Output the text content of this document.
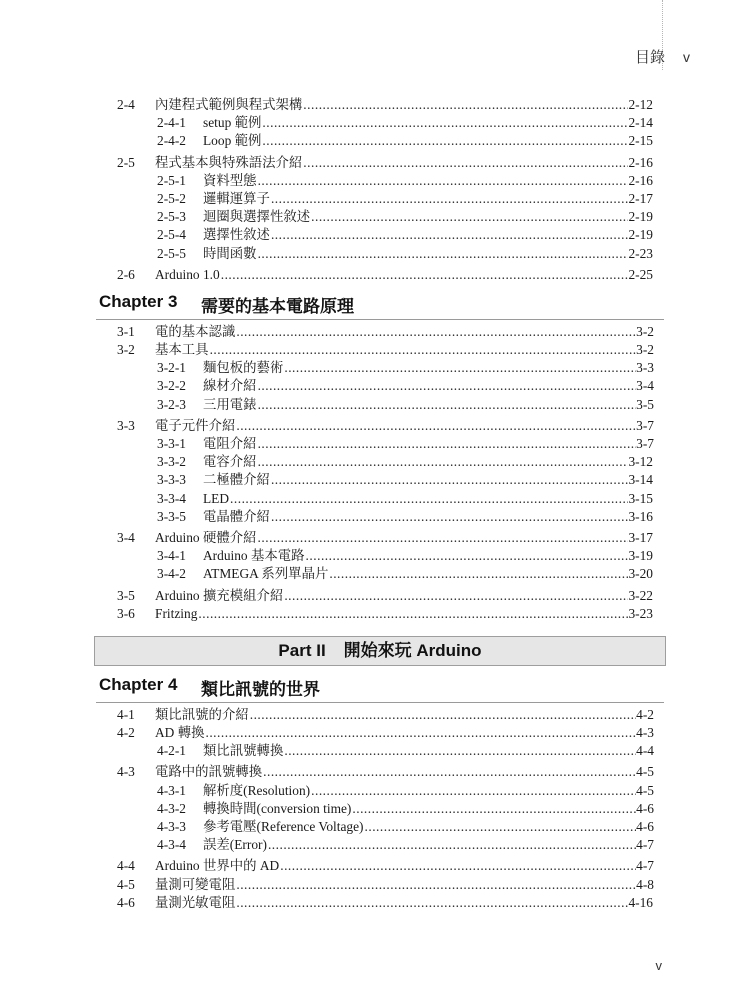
目錄 v
2-4 內建程式範例與程式架構 .....	2-12
2-4-1 setup 範例 .....	2-14
2-4-2 Loop 範例 .....	2-15
2-5 程式基本與特殊語法介紹 .....	2-16
2-5-1 資料型態 .....	2-16
2-5-2 邏輯運算子 .....	2-17
2-5-3 迴圈與選擇性敘述 .....	2-19
2-5-4 選擇性敘述 .....	2-19
2-5-5 時間函數 .....	2-23
2-6 Arduino 1.0 .....	2-25
Chapter 3 需要的基本電路原理
3-1 電的基本認識 .....	3-2
3-2 基本工具 .....	3-2
3-2-1 麵包板的藝術 .....	3-3
3-2-2 線材介紹 .....	3-4
3-2-3 三用電錶 .....	3-5
3-3 電子元件介紹 .....	3-7
3-3-1 電阻介紹 .....	3-7
3-3-2 電容介紹 .....	3-12
3-3-3 二極體介紹 .....	3-14
3-3-4 LED .....	3-15
3-3-5 電晶體介紹 .....	3-16
3-4 Arduino 硬體介紹 .....	3-17
3-4-1 Arduino 基本電路 .....	3-19
3-4-2 ATMEGA 系列單晶片 .....	3-20
3-5 Arduino 擴充模組介紹 .....	3-22
3-6 Fritzing .....	3-23
Part II 開始來玩 Arduino
Chapter 4 類比訊號的世界
4-1 類比訊號的介紹 .....	4-2
4-2 AD 轉換 .....	4-3
4-2-1 類比訊號轉換 .....	4-4
4-3 電路中的訊號轉換 .....	4-5
4-3-1 解析度(Resolution) .....	4-5
4-3-2 轉換時間(conversion time) .....	4-6
4-3-3 參考電壓(Reference Voltage) .....	4-6
4-3-4 誤差(Error) .....	4-7
4-4 Arduino 世界中的 AD .....	4-7
4-5 量測可變電阻 .....	4-8
4-6 量測光敏電阻 .....	4-16
v
